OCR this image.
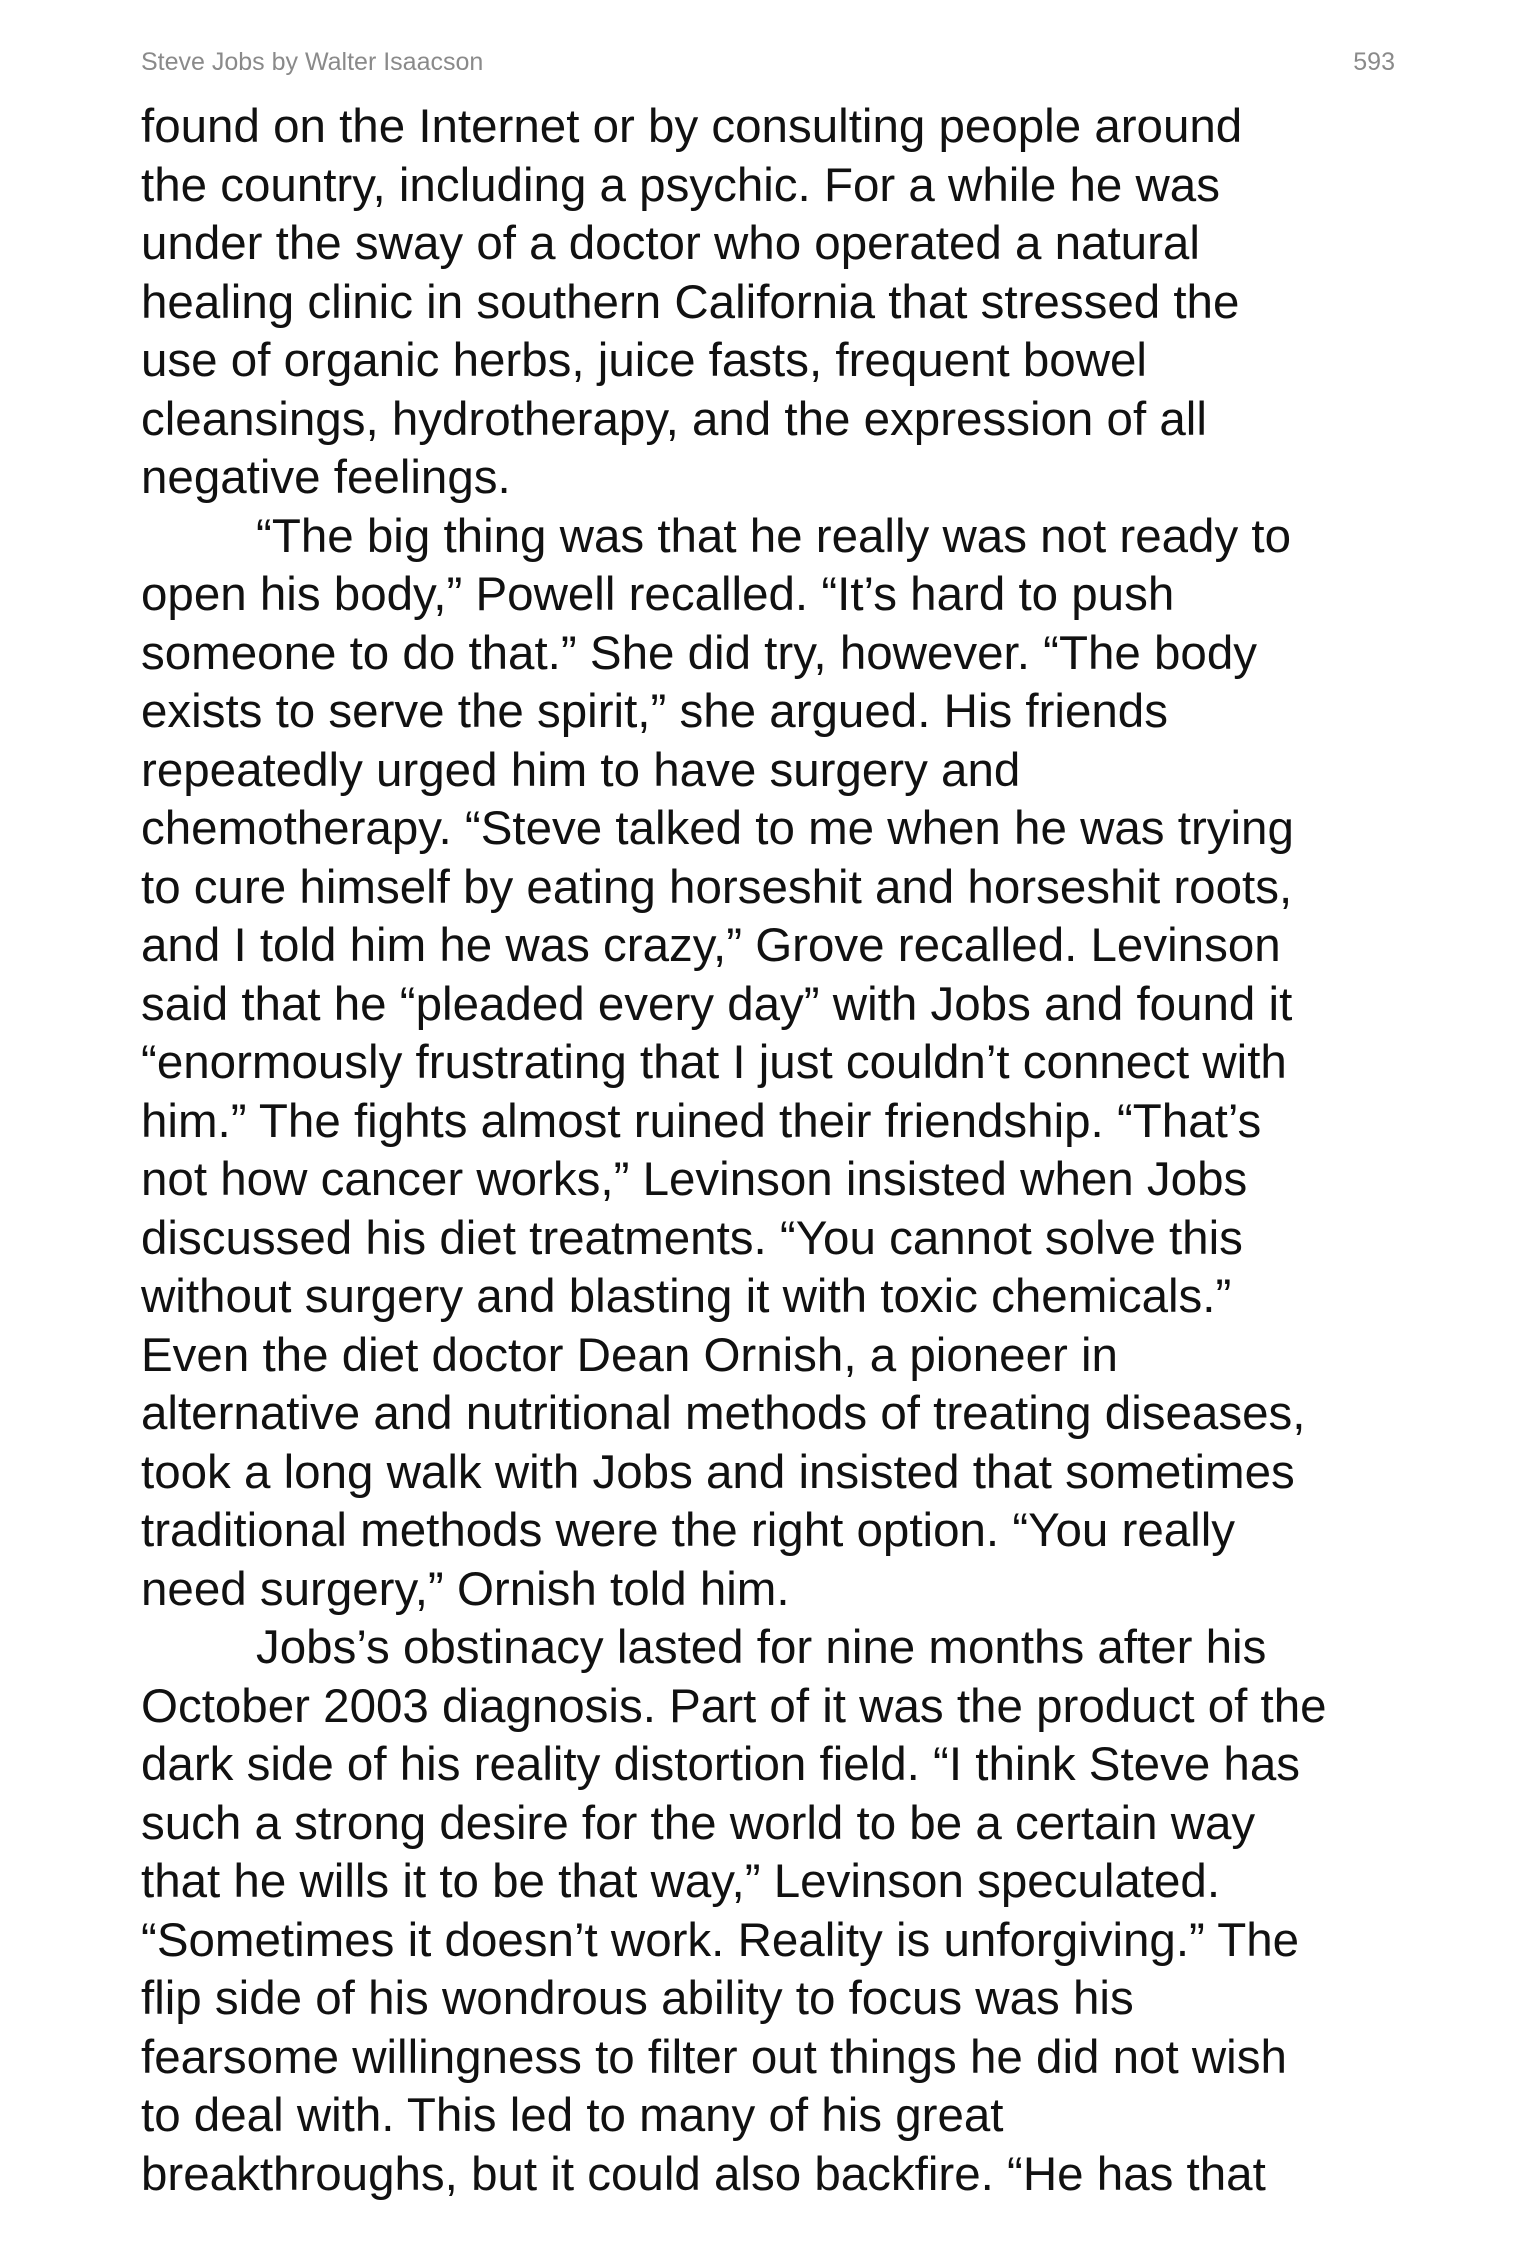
Steve Jobs by Walter Isaacson	593
found on the Internet or by consulting people around
the country, including a psychic. For a while he was
under the sway of a doctor who operated a natural
healing clinic in southern California that stressed the
use of organic herbs, juice fasts, frequent bowel
cleansings, hydrotherapy, and the expression of all
negative feelings.
“The big thing was that he really was not ready to
open his body,” Powell recalled. “It’s hard to push
someone to do that.” She did try, however. “The body
exists to serve the spirit,” she argued. His friends
repeatedly urged him to have surgery and
chemotherapy. “Steve talked to me when he was trying
to cure himself by eating horseshit and horseshit roots,
and I told him he was crazy,” Grove recalled. Levinson
said that he “pleaded every day” with Jobs and found it
“enormously frustrating that I just couldn’t connect with
him.” The fights almost ruined their friendship. “That’s
not how cancer works,” Levinson insisted when Jobs
discussed his diet treatments. “You cannot solve this
without surgery and blasting it with toxic chemicals.”
Even the diet doctor Dean Ornish, a pioneer in
alternative and nutritional methods of treating diseases,
took a long walk with Jobs and insisted that sometimes
traditional methods were the right option. “You really
need surgery,” Ornish told him.
Jobs’s obstinacy lasted for nine months after his
October 2003 diagnosis. Part of it was the product of the
dark side of his reality distortion field. “I think Steve has
such a strong desire for the world to be a certain way
that he wills it to be that way,” Levinson speculated.
“Sometimes it doesn’t work. Reality is unforgiving.” The
flip side of his wondrous ability to focus was his
fearsome willingness to filter out things he did not wish
to deal with. This led to many of his great
breakthroughs, but it could also backfire. “He has that
